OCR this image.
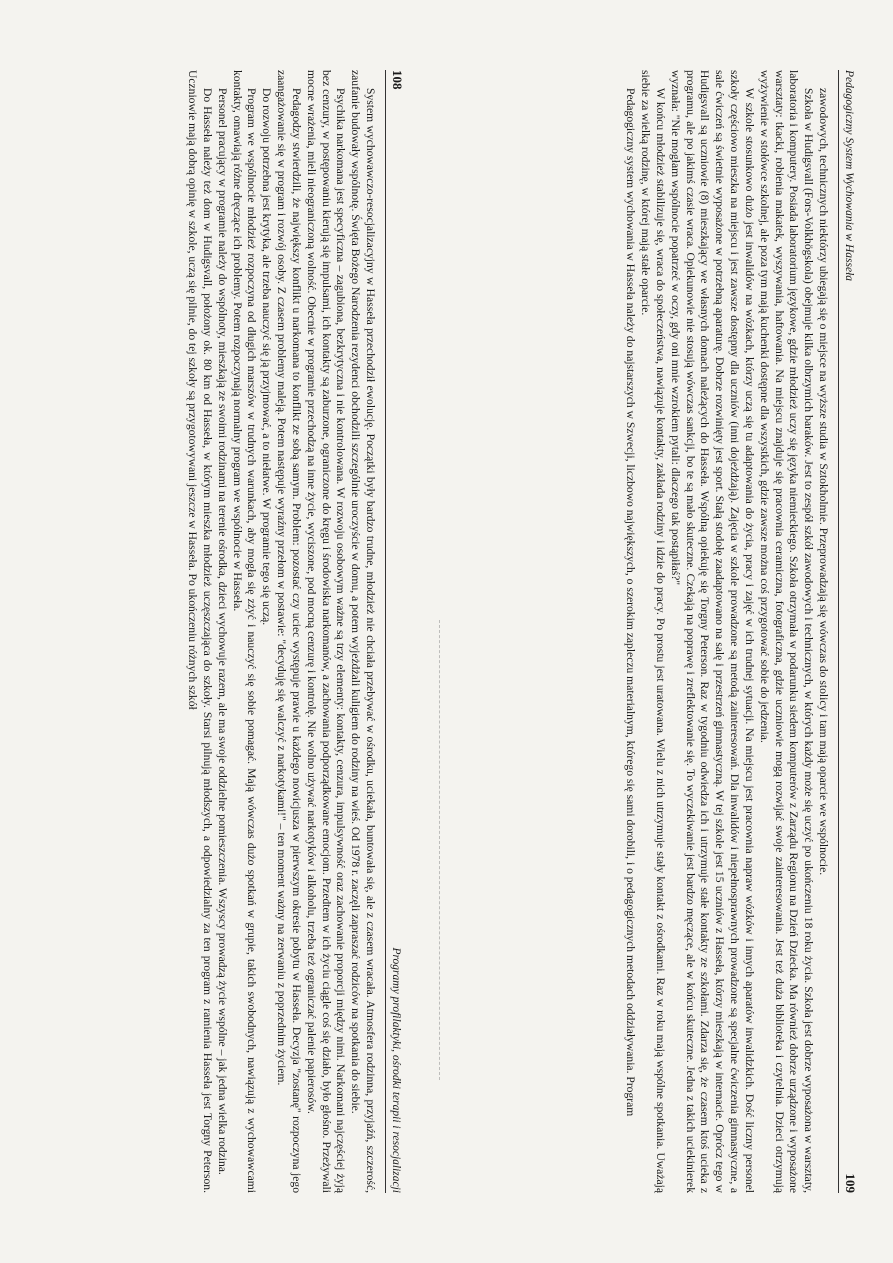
108
Programy profilaktyki, ośrodki terapii i resocjalizacji

System wychowawczo-resocjalizacyjny w Hasseła przechodził ewolucję. Początki były bardzo trudne, młodzież nie chciała przebywać w ośrodku, uciekała, buntowała się, ale z czasem wracała. Atmosfera rodzinna, przyjaźń, szczerość, zaufanie budowały wspólnotę. Święta Bożego Narodzenia rezydenci obchodzili szczególnie uroczyście w domu, a potem wyjeżdżali kuligiem do rodziny na wieś. Od 1978 r. zaczęli zapraszać rodziców na spotkania do siebie.

Psychika narkomana jest specyficzna – zagubiona, bezkrytyczna i nie kontrolowana. W rozwoju osobowym ważne są trzy elementy: kontakty, cenzura, impulsywność oraz zachowanie proporcji między nimi. Narkomani najczęściej żyją bez cenzury, w postępowaniu kierują się impulsami, ich kontakty są zaburzone, ograniczone do kręgu i środowiska narkomanów, a zachowania podporządkowane emocjom. Przedtem w ich życiu ciągle coś się działo, było głośno. Przeżywali mocne wrażenia, mieli nieograniczoną wolność. Obecnie w programie przechodzą na inne życie, wyciszone, pod mocną cenzurę i kontrolę. Nie wolno używać narkotyków i alkoholu, trzeba też ograniczać palenie papierosów.

Pedagodzy stwierdzili, że największy konflikt u narkomana to konflikt ze sobą samym. Problem: pozostać czy uciec występuje prawie u każdego nowicjusza w pierwszym okresie pobytu w Hasseła. Decyzja "zostanę" rozpoczyna jego zaangażowanie się w program i rozwój osoby. Z czasem problemy maleją. Potem następuje wyraźny przełom w postawie: "decyduję się walczyć z narkotykami!" – ten moment ważny na zerwaniu z poprzednim życiem.

Do rozwoju potrzebna jest krytyka, ale trzeba nauczyć się ją przyjmować, a to niełatwe. W programie tego się uczą.

Program we wspólnocie młodzież rozpoczyna od długich marszów w trudnych warunkach, aby mogła się zżyć i nauczyć się sobie pomagać. Mają wówczas dużo spotkań w grupie, takich swobodnych, nawiązują z wychowawcami kontakty, omawiają różne dręczące ich problemy. Potem rozpoczynają normalny program we wspólnocie w Hasseła.

Personel pracujący w programie należy do wspólnoty, mieszkają ze swoimi rodzinami na terenie ośrodka, dzieci wychowuje razem, ale ma swoje oddzielne pomieszczenia. Wszyscy prowadzą życie wspólne – jak jedna wielka rodzina.

Do Hasseła należy też dom w Hudigsvall, położony ok. 80 km od Hasseła, w którym mieszka młodzież uczęszczająca do szkoły. Starsi pilnują młodszych, a odpowiedzialny za ten program z ramienia Hasseła jest Torgny Peterson. Uczniowie mają dobrą opinię w szkole, uczą się pilnie, do tej szkoły są przygotowywani jeszcze w Hasseła. Po ukończeniu różnych szkół	Pedagogiczny System Wychowania w Hasseła
109

zawodowych, technicznych niektórzy ubiegają się o miejsce na wyższe studia w Sztokholmie. Przeprowadzają się wówczas do stolicy i tam mają oparcie we wspólnocie.

Szkoła w Hudigsvall (Fors-Volkhögskola) obejmuje kilka olbrzymich baraków. Jest to zespół szkół zawodowych i technicznych, w których każdy może się uczyć po ukończeniu 18 roku życia. Szkoła jest dobrze wyposażona w warsztaty, laboratoria i komputery. Posiada laboratorium językowe, gdzie młodzież uczy się języka niemieckiego. Szkoła otrzymała w podarunku siedem komputerów z Zarządu Regionu na Dzień Dziecka. Ma również dobrze urządzone i wyposażone warsztaty: tkacki, robienia makatek, wyszywania, haftowania. Na miejscu znajduje się pracownia ceramiczna, fotograficzna, gdzie uczniowie mogą rozwijać swoje zainteresowania. Jest też duża biblioteka i czytelnia. Dzieci otrzymują wyżywienie w stołówce szkolnej, ale poza tym mają kuchenki dostępne dla wszystkich, gdzie zawsze można coś przygotować sobie do jedzenia.

W szkole stosunkowo dużo jest inwalidów na wózkach, którzy uczą się tu adaptowania do życia, pracy i zajęć w ich trudnej sytuacji. Na miejscu jest pracownia napraw wózków i innych aparatów inwalidzkich. Dość liczny personel szkoły częściowo mieszka na miejscu i jest zawsze dostępny dla uczniów (inni dojeżdżają). Zajęcia w szkole prowadzone są metodą zainteresowań. Dla inwalidów i niepełnosprawnych prowadzone są specjalne ćwiczenia gimnastyczne, a sale ćwiczeń są świetnie wyposażone w potrzebną aparaturę. Dobrze rozwinięty jest sport. Stałą stodołę zaadaptowano na salę i przestrzeń gimnastyczną. W tej szkole jest 15 uczniów z Hasseła, którzy mieszkają w internacie. Oprócz tego w Hudigsvall są uczniowie (8) mieszkający we własnych domach należących do Hasseła. Wspólną opiekuję się Torgny Peterson. Raz w tygodniu odwiedza ich i utrzymuje stałe kontakty ze szkołami. Zdarza się, że czasem ktoś ucieka z programu, ale po jakimś czasie wraca. Opiekunowie nie stosują wówczas sankcji, bo te są mało skuteczne. Czekają na poprawę i zreflektowanie się. To wyczekiwanie jest bardzo męczące, ale w końcu skuteczne. Jedna z takich uciekinierek wyznała: "Nie mogłam wspólnocie popatrzeć w oczy, gdy oni mnie wzrokiem pytali: dlaczego tak postąpiłaś?"

W końcu młodzież stabilizuje się, wraca do społeczeństwa, nawiązuje kontakty, zakłada rodziny i idzie do pracy. Po prostu jest uratowana. Wielu z nich utrzymuje stały kontakt z ośrodkami. Raz w roku mają wspólne spotkania. Uważają siebie za wielką rodzinę, w której mają stałe oparcie.

Pedagogiczny system wychowania w Hasseła należy do najstarszych w Szwecji, liczbowo największych, o szerokim zapleczu materialnym, którego się sami dorobili, i o pedagogicznych metodach oddziaływania. Program
